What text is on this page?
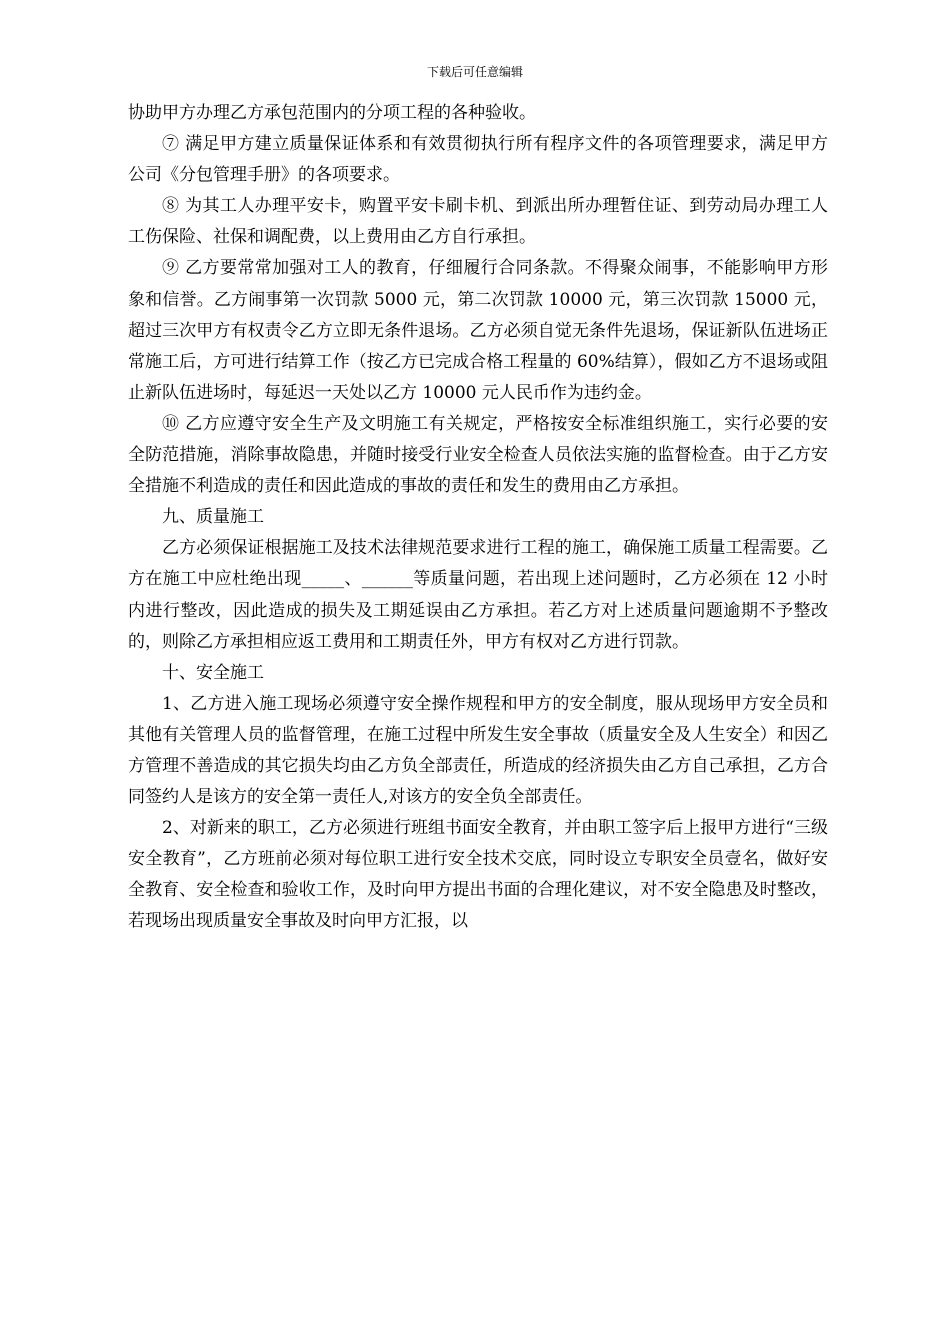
下载后可任意编辑

协助甲方办理乙方承包范围内的分项工程的各种验收。

⑦ 满足甲方建立质量保证体系和有效贯彻执行所有程序文件的各项管理要求，满足甲方公司《分包管理手册》的各项要求。

⑧ 为其工人办理平安卡，购置平安卡刷卡机、到派出所办理暂住证、到劳动局办理工人工伤保险、社保和调配费，以上费用由乙方自行承担。

⑨ 乙方要常常加强对工人的教育，仔细履行合同条款。不得聚众闹事，不能影响甲方形象和信誉。乙方闹事第一次罚款 5000 元，第二次罚款 10000 元，第三次罚款 15000 元，超过三次甲方有权责令乙方立即无条件退场。乙方必须自觉无条件先退场，保证新队伍进场正常施工后，方可进行结算工作（按乙方已完成合格工程量的 60%结算），假如乙方不退场或阻止新队伍进场时，每延迟一天处以乙方 10000 元人民币作为违约金。

⑩ 乙方应遵守安全生产及文明施工有关规定，严格按安全标准组织施工，实行必要的安全防范措施，消除事故隐患，并随时接受行业安全检查人员依法实施的监督检查。由于乙方安全措施不利造成的责任和因此造成的事故的责任和发生的费用由乙方承担。

九、质量施工

乙方必须保证根据施工及技术法律规范要求进行工程的施工，确保施工质量工程需要。乙方在施工中应杜绝出现_____、______等质量问题，若出现上述问题时，乙方必须在 12 小时内进行整改，因此造成的损失及工期延误由乙方承担。若乙方对上述质量问题逾期不予整改的，则除乙方承担相应返工费用和工期责任外，甲方有权对乙方进行罚款。

十、安全施工

1、乙方进入施工现场必须遵守安全操作规程和甲方的安全制度，服从现场甲方安全员和其他有关管理人员的监督管理，在施工过程中所发生安全事故（质量安全及人生安全）和因乙方管理不善造成的其它损失均由乙方负全部责任，所造成的经济损失由乙方自己承担，乙方合同签约人是该方的安全第一责任人,对该方的安全负全部责任。

2、对新来的职工，乙方必须进行班组书面安全教育，并由职工签字后上报甲方进行“三级安全教育”，乙方班前必须对每位职工进行安全技术交底，同时设立专职安全员壹名，做好安全教育、安全检查和验收工作，及时向甲方提出书面的合理化建议，对不安全隐患及时整改，若现场出现质量安全事故及时向甲方汇报，以
